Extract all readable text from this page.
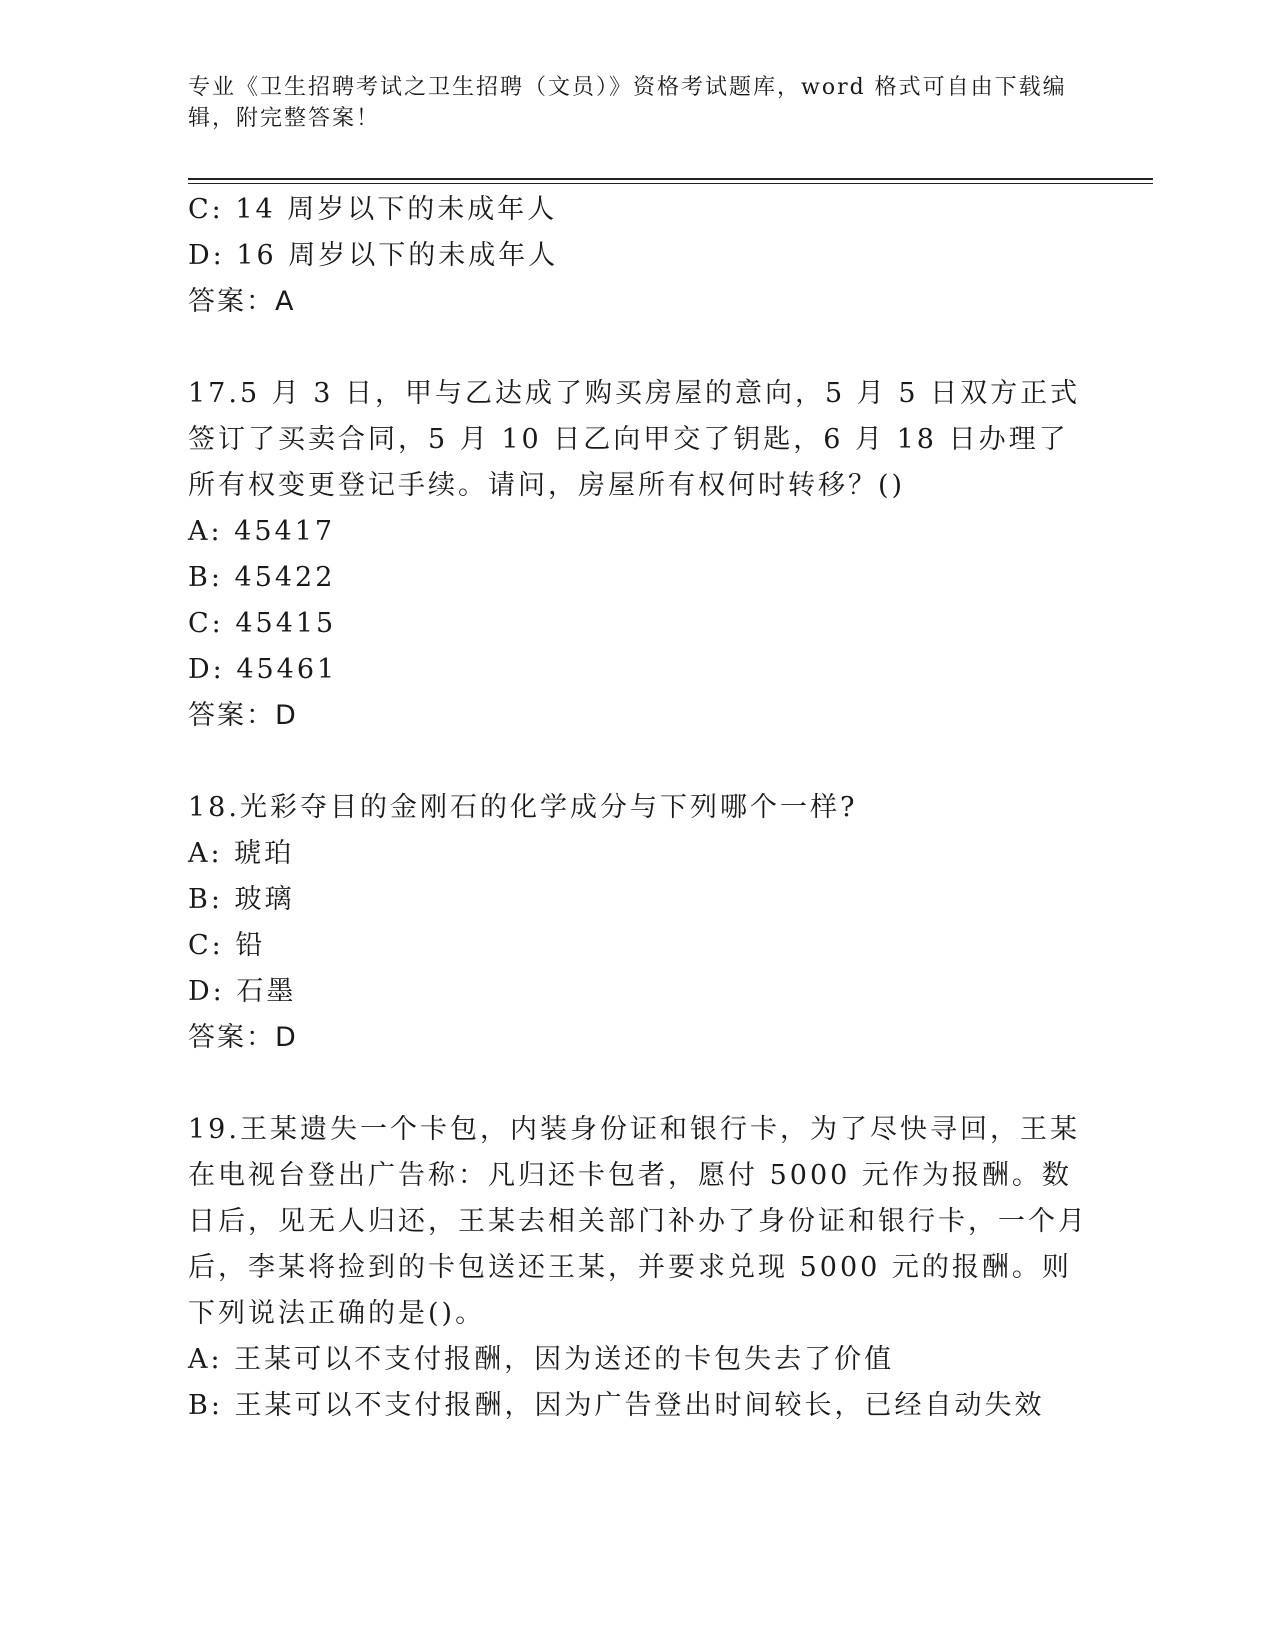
专业《卫生招聘考试之卫生招聘（文员）》资格考试题库，word 格式可自由下载编辑，附完整答案！

C: 14 周岁以下的未成年人
D: 16 周岁以下的未成年人
答案：A

17.5 月 3 日，甲与乙达成了购买房屋的意向，5 月 5 日双方正式签订了买卖合同，5 月 10 日乙向甲交了钥匙，6 月 18 日办理了所有权变更登记手续。请问，房屋所有权何时转移？()

A: 45417
B: 45422
C: 45415
D: 45461
答案：D

18.光彩夺目的金刚石的化学成分与下列哪个一样?

A: 琥珀
B: 玻璃
C: 铅
D: 石墨
答案：D

19.王某遗失一个卡包，内装身份证和银行卡，为了尽快寻回，王某在电视台登出广告称：凡归还卡包者，愿付 5000 元作为报酬。数日后，见无人归还，王某去相关部门补办了身份证和银行卡，一个月后，李某将捡到的卡包送还王某，并要求兑现 5000 元的报酬。则下列说法正确的是()。

A: 王某可以不支付报酬，因为送还的卡包失去了价值
B: 王某可以不支付报酬，因为广告登出时间较长，已经自动失效
